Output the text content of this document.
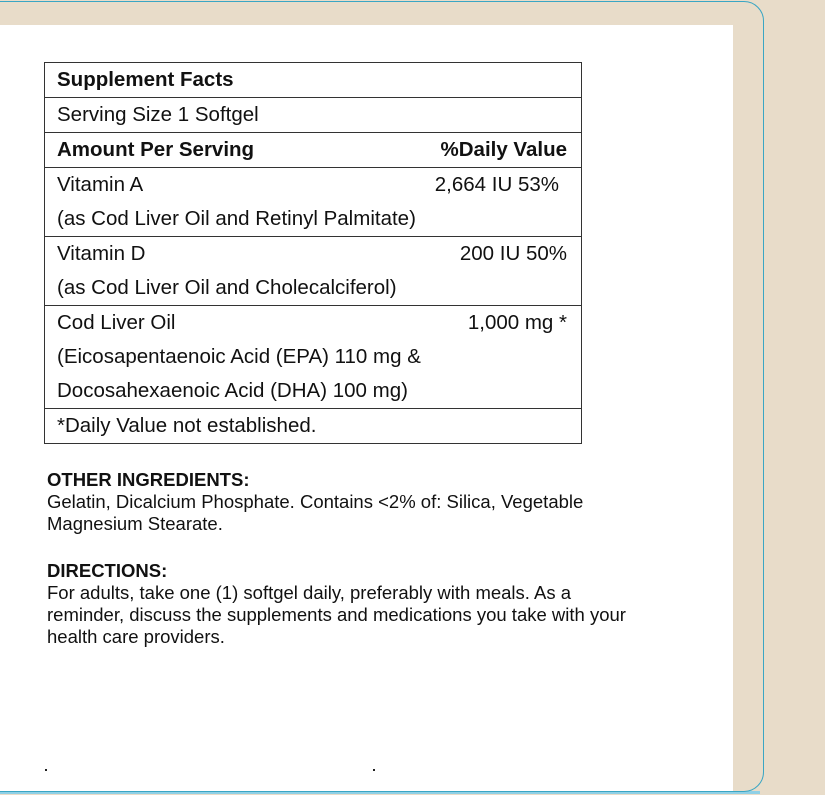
Supplement Facts
Serving Size 1 Softgel
Amount Per Serving	%Daily Value
Vitamin A	2,664 IU 53%
(as Cod Liver Oil and Retinyl Palmitate)
Vitamin D	200 IU 50%
(as Cod Liver Oil and Cholecalciferol)
Cod Liver Oil	1,000 mg *
(Eicosapentaenoic Acid (EPA) 110 mg &
Docosahexaenoic Acid (DHA) 100 mg)
*Daily Value not established.
OTHER INGREDIENTS:
Gelatin, Dicalcium Phosphate. Contains <2% of: Silica, Vegetable
Magnesium Stearate.
DIRECTIONS:
For adults, take one (1) softgel daily, preferably with meals. As a
reminder, discuss the supplements and medications you take with your
health care providers.
